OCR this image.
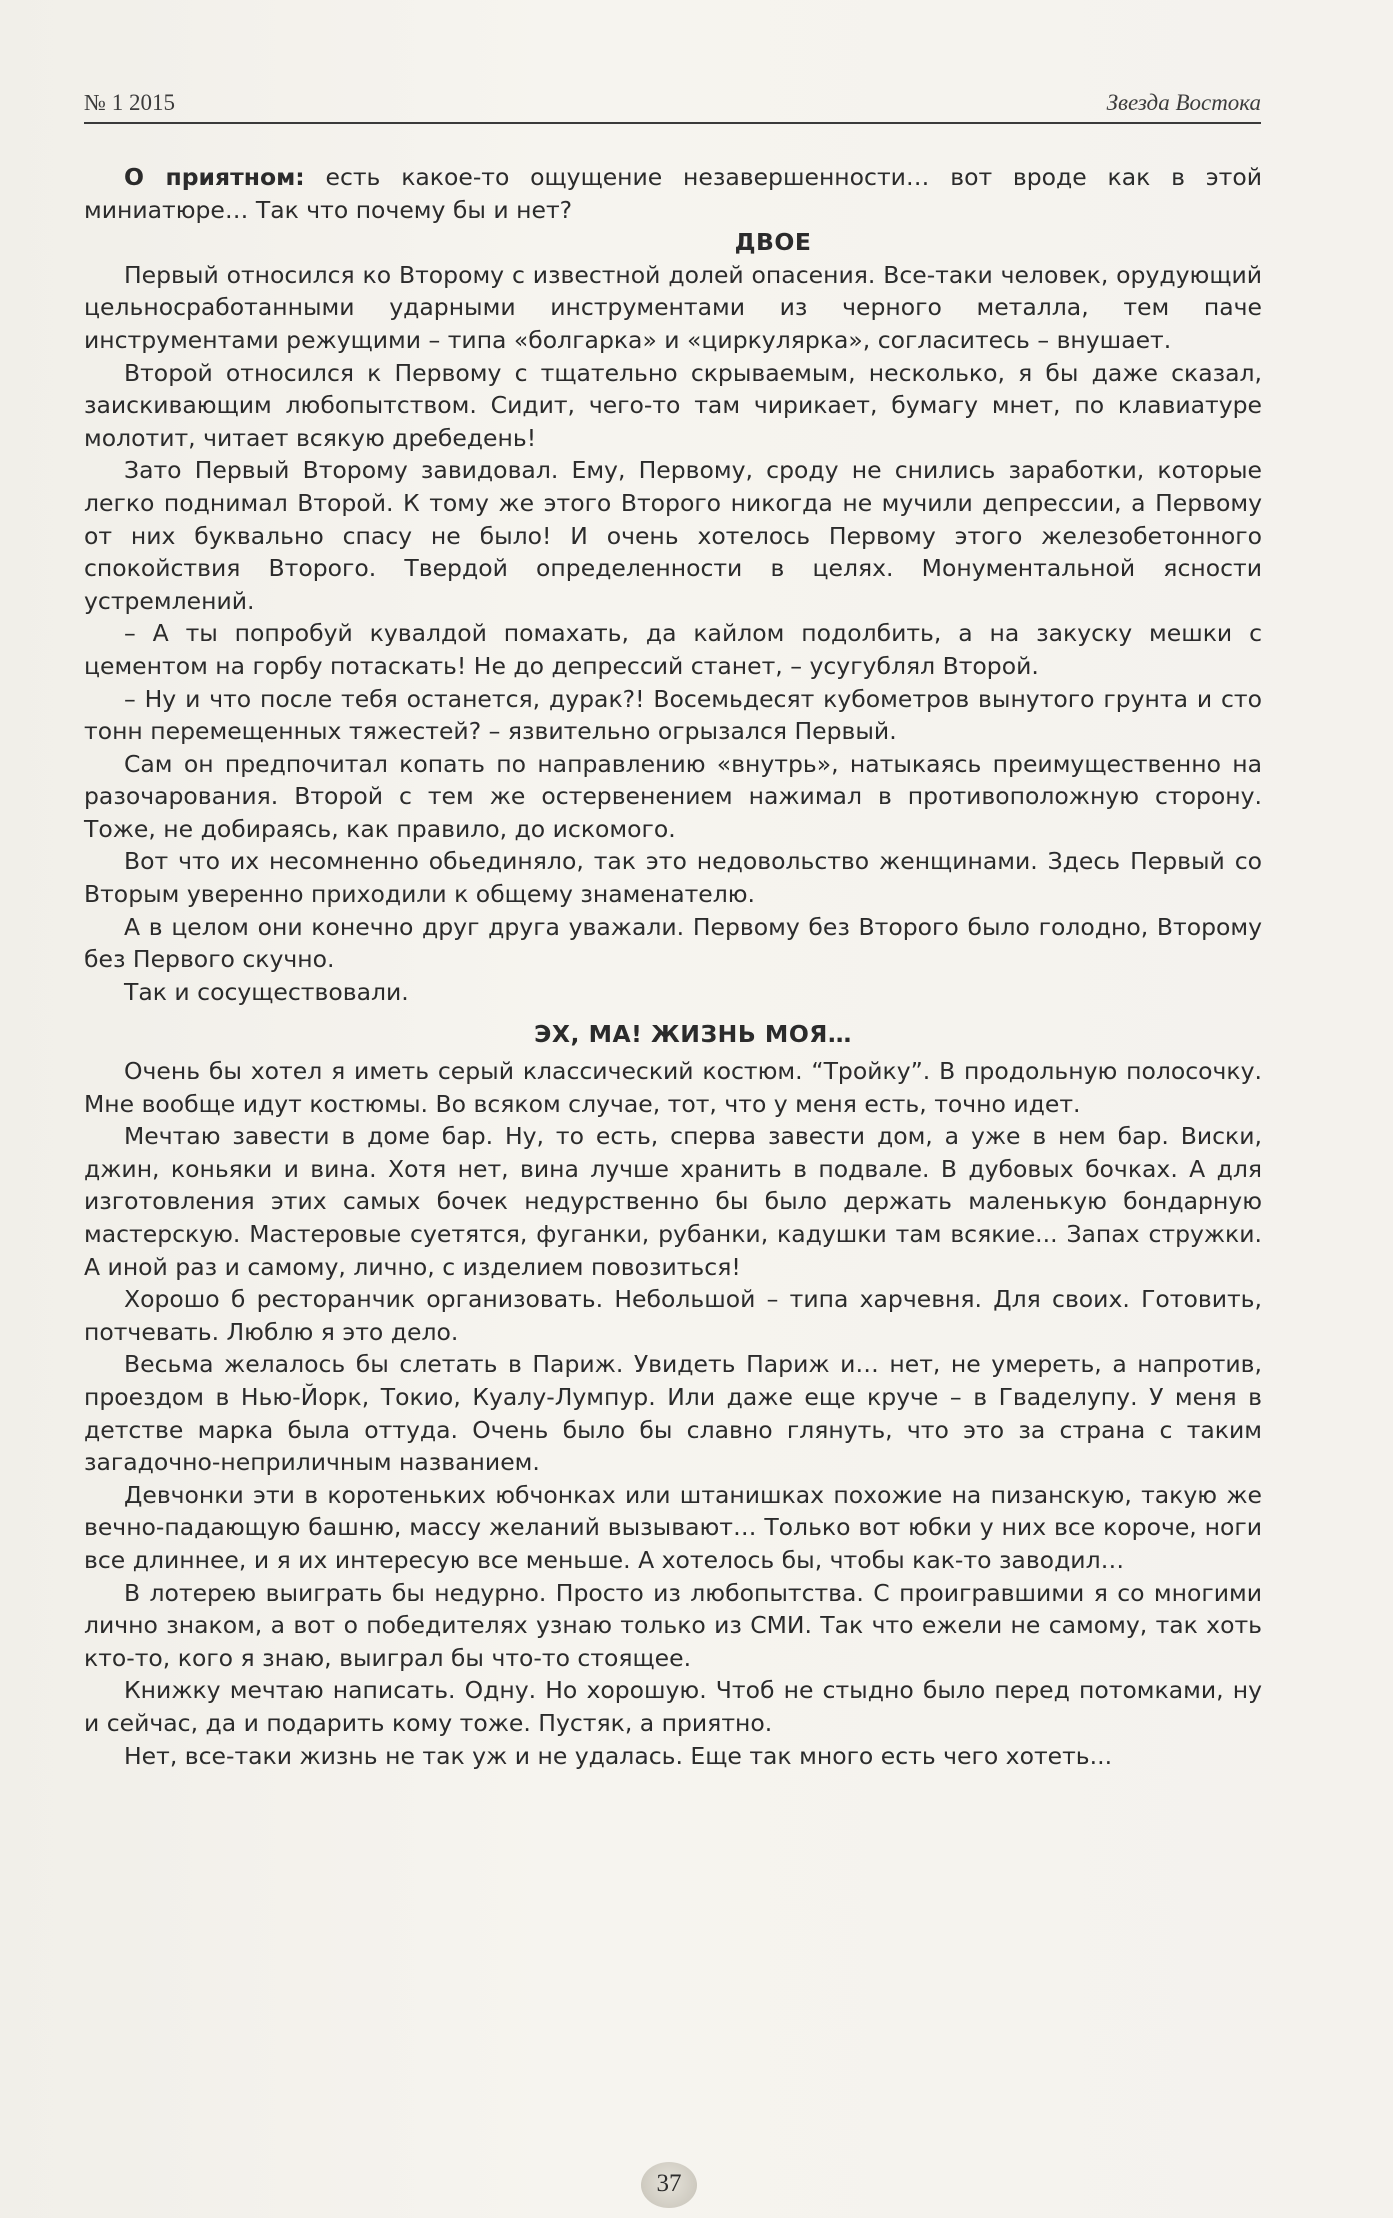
№ 1 2015	Звезда Востока

О приятном: есть какое-то ощущение незавершенности… вот вроде как в этой миниатюре… Так что почему бы и нет?

ДВОЕ

Первый относился ко Второму с известной долей опасения. Все-таки человек, орудующий цельносработанными ударными инструментами из черного металла, тем паче инструментами режущими – типа «болгарка» и «циркулярка», согласитесь – внушает.

Второй относился к Первому с тщательно скрываемым, несколько, я бы даже сказал, заискивающим любопытством. Сидит, чего-то там чирикает, бумагу мнет, по клавиатуре молотит, читает всякую дребедень!

Зато Первый Второму завидовал. Ему, Первому, сроду не снились заработки, которые легко поднимал Второй. К тому же этого Второго никогда не мучили депрессии, а Первому от них буквально спасу не было! И очень хотелось Первому этого железобетонного спокойствия Второго. Твердой определенности в целях. Монументальной ясности устремлений.

– А ты попробуй кувалдой помахать, да кайлом подолбить, а на закуску мешки с цементом на горбу потаскать! Не до депрессий станет, – усугублял Второй.

– Ну и что после тебя останется, дурак?! Восемьдесят кубометров вынутого грунта и сто тонн перемещенных тяжестей? – язвительно огрызался Первый.

Сам он предпочитал копать по направлению «внутрь», натыкаясь преимущественно на разочарования. Второй с тем же остервенением нажимал в противоположную сторону. Тоже, не добираясь, как правило, до искомого.

Вот что их несомненно обьединяло, так это недовольство женщинами. Здесь Первый со Вторым уверенно приходили к общему знаменателю.

А в целом они конечно друг друга уважали. Первому без Второго было голодно, Второму без Первого скучно.

Так и сосуществовали.

ЭХ, МА! ЖИЗНЬ МОЯ…

Очень бы хотел я иметь серый классический костюм. “Тройку”. В продольную полосочку. Мне вообще идут костюмы. Во всяком случае, тот, что у меня есть, точно идет.

Мечтаю завести в доме бар. Ну, то есть, сперва завести дом, а уже в нем бар. Виски, джин, коньяки и вина. Хотя нет, вина лучше хранить в подвале. В дубовых бочках. А для изготовления этих самых бочек недурственно бы было держать маленькую бондарную мастерскую. Мастеровые суетятся, фуганки, рубанки, кадушки там всякие... Запах стружки. А иной раз и самому, лично, с изделием повозиться!

Хорошо б ресторанчик организовать. Небольшой – типа харчевня. Для своих. Готовить, потчевать. Люблю я это дело.

Весьма желалось бы слетать в Париж. Увидеть Париж и… нет, не умереть, а напротив, проездом в Нью-Йорк, Токио, Куалу-Лумпур. Или даже еще круче – в Гваделупу. У меня в детстве марка была оттуда. Очень было бы славно глянуть, что это за страна с таким загадочно-неприличным названием.

Девчонки эти в коротеньких юбчонках или штанишках похожие на пизанскую, такую же вечно-падающую башню, массу желаний вызывают… Только вот юбки у них все короче, ноги все длиннее, и я их интересую все меньше. А хотелось бы, чтобы как-то заводил…

В лотерею выиграть бы недурно. Просто из любопытства. С проигравшими я со многими лично знаком, а вот о победителях узнаю только из СМИ. Так что ежели не самому, так хоть кто-то, кого я знаю, выиграл бы что-то стоящее.

Книжку мечтаю написать. Одну. Но хорошую. Чтоб не стыдно было перед потомками, ну и сейчас, да и подарить кому тоже. Пустяк, а приятно.

Нет, все-таки жизнь не так уж и не удалась. Еще так много есть чего хотеть...

37
